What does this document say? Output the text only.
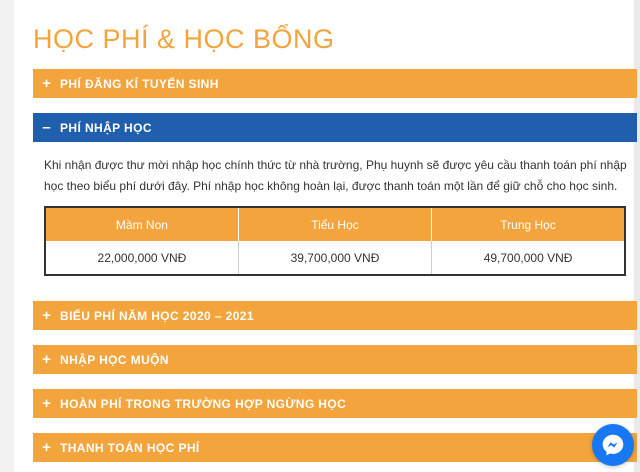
HỌC PHÍ & HỌC BỔNG
+ PHÍ ĐĂNG KÍ TUYỂN SINH
– PHÍ NHẬP HỌC
Khi nhận được thư mời nhập học chính thức từ nhà trường, Phụ huynh sẽ được yêu cầu thanh toán phí nhập học theo biểu phí dưới đây. Phí nhập học không hoàn lại, được thanh toán một lần để giữ chỗ cho học sinh.
Mầm Non	Tiểu Học	Trung Học
22,000,000 VNĐ	39,700,000 VNĐ	49,700,000 VNĐ
+ BIỂU PHÍ NĂM HỌC 2020 – 2021
+ NHẬP HỌC MUỘN
+ HOÀN PHÍ TRONG TRƯỜNG HỢP NGỪNG HỌC
+ THANH TOÁN HỌC PHÍ
